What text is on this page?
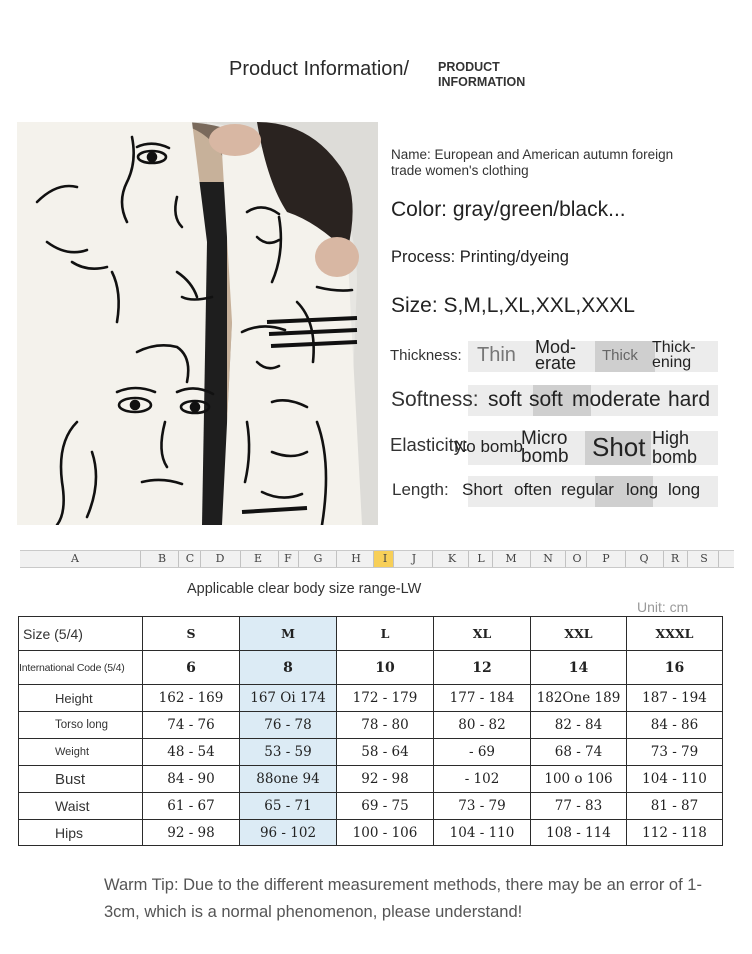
Product Information/ PRODUCT
INFORMATION
Name: European and American autumn foreign trade women's clothing
Color: gray/green/black...
Process: Printing/dyeing
Size: S,M,L,XL,XXL,XXXL
Thickness: Thin Mod-
erate Thick Thick-
ening
Softness: soft soft moderate hard
Elasticity:
No bomb
Micro
bomb Shot High
bomb
Length: Short often regular long long
A	B	C	D	E	F	G	H	I	J	K	L	M N	O	P	Q	R	S
Applicable clear body size range-LW
Unit: cm
Size (5/4)	S	M	L	XL	XXL	XXXL
International Code (5/4)	6	8	10	12	14	16
Height	162 - 169	167 Oi 174	172 - 179	177 - 184	182One 189	187 - 194
Torso long	74 - 76	76 - 78	78 - 80	80 - 82	82 - 84	84 - 86
Weight	48 - 54	53 - 59	58 - 64	- 69	68 - 74	73 - 79
Bust	84 - 90	88one 94	92 - 98	- 102	100 o 106	104 - 110
Waist	61 - 67	65 - 71	69 - 75	73 - 79	77 - 83	81 - 87
Hips	92 - 98	96 - 102	100 - 106	104 - 110	108 - 114	112 - 118
Warm Tip: Due to the different measurement methods, there may be an error of 1-3cm, which is a normal phenomenon, please understand!
